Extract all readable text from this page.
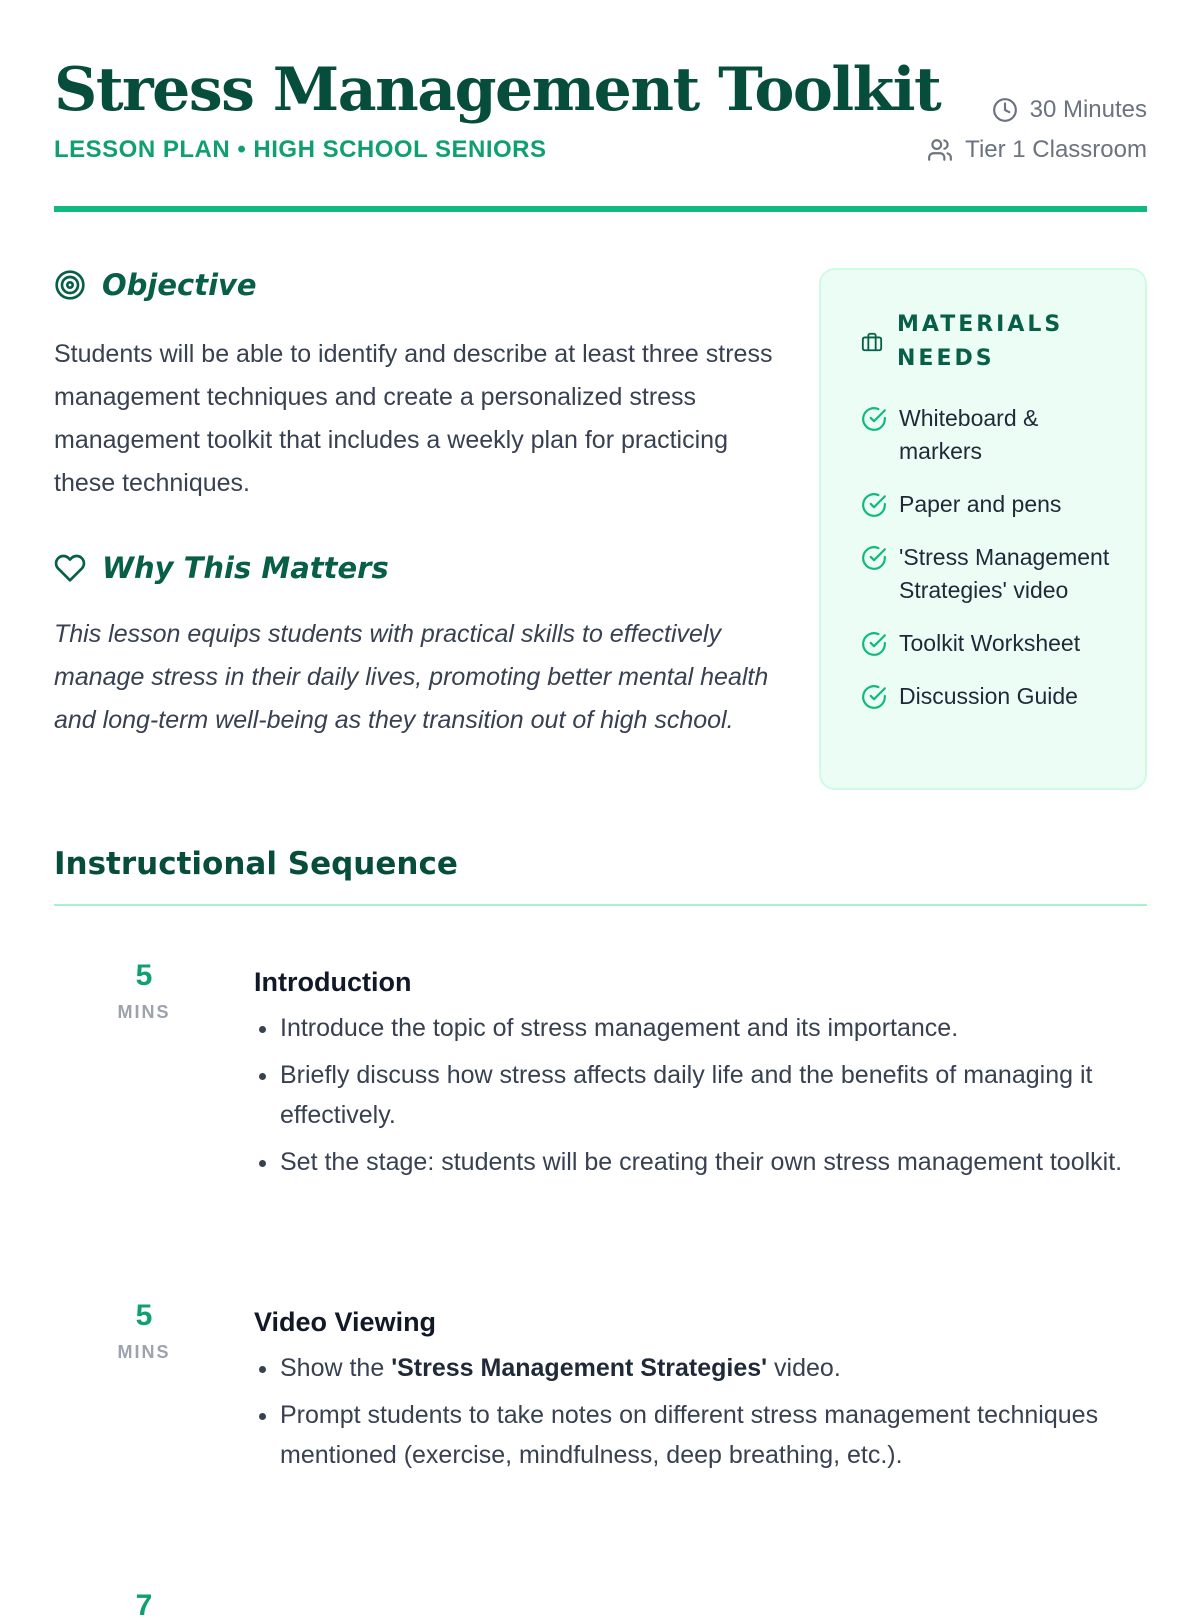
Stress Management Toolkit
LESSON PLAN • HIGH SCHOOL SENIORS
30 Minutes
Tier 1 Classroom
Objective

Students will be able to identify and describe at least three stress management techniques and create a personalized stress management toolkit that includes a weekly plan for practicing these techniques.

Why This Matters

This lesson equips students with practical skills to effectively manage stress in their daily lives, promoting better mental health and long-term well-being as they transition out of high school.

MATERIALS NEEDS
Whiteboard & markers
Paper and pens
'Stress Management Strategies' video
Toolkit Worksheet
Discussion Guide
Instructional Sequence
5
MINS
Introduction
• Introduce the topic of stress management and its importance.
• Briefly discuss how stress affects daily life and the benefits of managing it effectively.
• Set the stage: students will be creating their own stress management toolkit.
5
MINS
Video Viewing
• Show the 'Stress Management Strategies' video.
• Prompt students to take notes on different stress management techniques mentioned (exercise, mindfulness, deep breathing, etc.).
7
